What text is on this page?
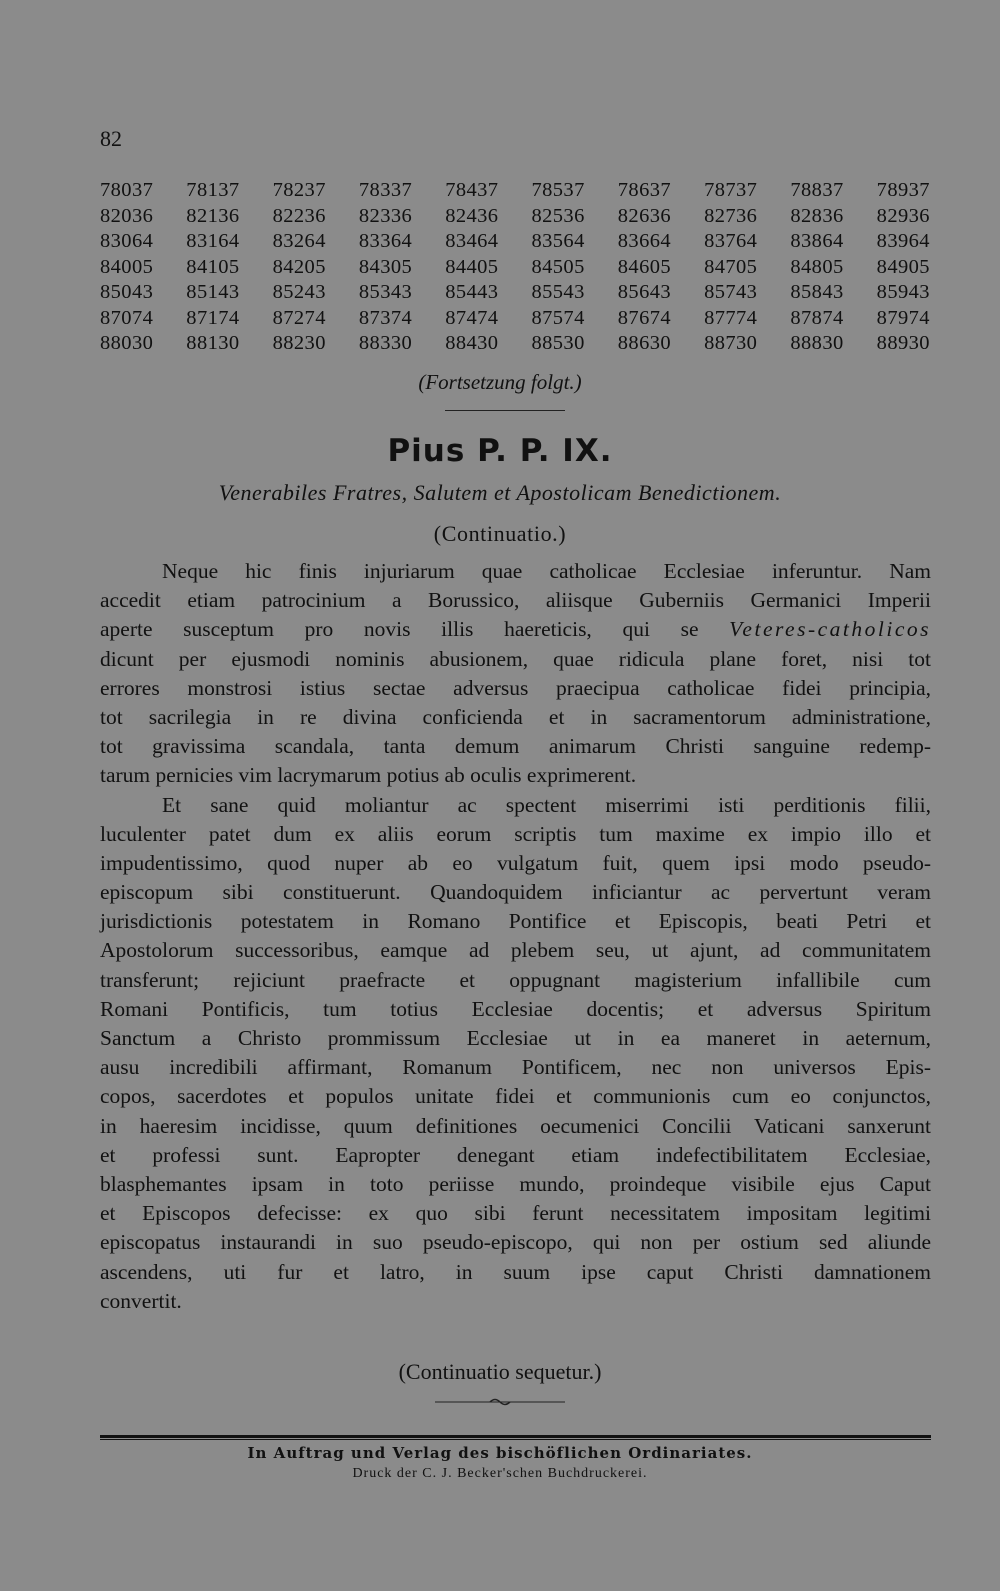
82
78037 78137 78237 78337 78437 78537 78637 78737 78837 78937
82036 82136 82236 82336 82436 82536 82636 82736 82836 82936
83064 83164 83264 83364 83464 83564 83664 83764 83864 83964
84005 84105 84205 84305 84405 84505 84605 84705 84805 84905
85043 85143 85243 85343 85443 85543 85643 85743 85843 85943
87074 87174 87274 87374 87474 87574 87674 87774 87874 87974
88030 88130 88230 88330 88430 88530 88630 88730 88830 88930
(Fortsetzung folgt.)
Pius P. P. IX.
Venerabiles Fratres, Salutem et Apostolicam Benedictionem.
(Continuatio.)
Neque hic finis injuriarum quae catholicae Ecclesiae inferuntur. Nam
accedit etiam patrocinium a Borussico, aliisque Guberniis Germanici Imperii
aperte susceptum pro novis illis haereticis, qui se Veteres-catholicos
dicunt per ejusmodi nominis abusionem, quae ridicula plane foret, nisi tot
errores monstrosi istius sectae adversus praecipua catholicae fidei principia,
tot sacrilegia in re divina conficienda et in sacramentorum administratione,
tot gravissima scandala, tanta demum animarum Christi sanguine redemp-
tarum pernicies vim lacrymarum potius ab oculis exprimerent.
Et sane quid moliantur ac spectent miserrimi isti perditionis filii,
luculenter patet dum ex aliis eorum scriptis tum maxime ex impio illo et
impudentissimo, quod nuper ab eo vulgatum fuit, quem ipsi modo pseudo-
episcopum sibi constituerunt. Quandoquidem inficiantur ac pervertunt veram
jurisdictionis potestatem in Romano Pontifice et Episcopis, beati Petri et
Apostolorum successoribus, eamque ad plebem seu, ut ajunt, ad communitatem
transferunt; rejiciunt praefracte et oppugnant magisterium infallibile cum
Romani Pontificis, tum totius Ecclesiae docentis; et adversus Spiritum
Sanctum a Christo prommissum Ecclesiae ut in ea maneret in aeternum,
ausu incredibili affirmant, Romanum Pontificem, nec non universos Epis-
copos, sacerdotes et populos unitate fidei et communionis cum eo conjunctos,
in haeresim incidisse, quum definitiones oecumenici Concilii Vaticani sanxerunt
et professi sunt. Eapropter denegant etiam indefectibilitatem Ecclesiae,
blasphemantes ipsam in toto periisse mundo, proindeque visibile ejus Caput
et Episcopos defecisse: ex quo sibi ferunt necessitatem impositam legitimi
episcopatus instaurandi in suo pseudo-episcopo, qui non per ostium sed aliunde
ascendens, uti fur et latro, in suum ipse caput Christi damnationem
convertit.
(Continuatio sequetur.)
In Auftrag und Verlag des bischöflichen Ordinariates.
Druck der C. J. Becker'schen Buchdruckerei.
